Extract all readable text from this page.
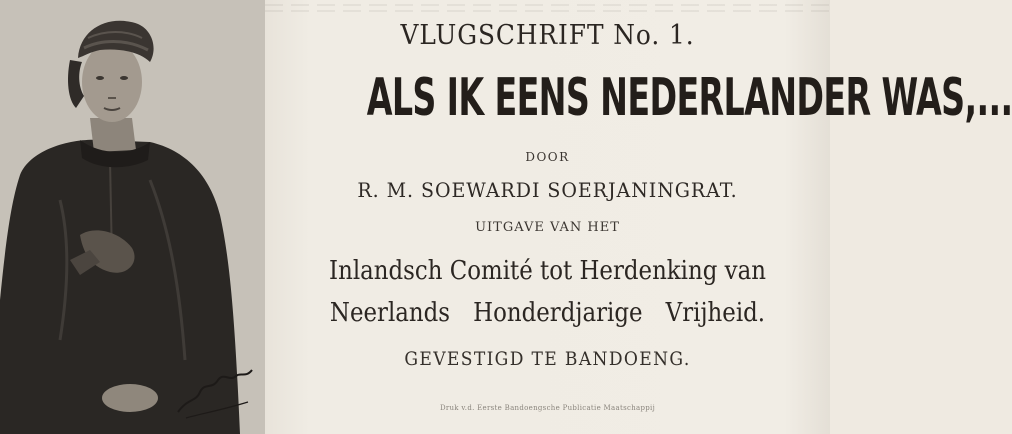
VLUGSCHRIFT No. 1.
ALS IK EENS NEDERLANDER WAS,...
DOOR
R. M. SOEWARDI SOERJANINGRAT.
UITGAVE VAN HET
Inlandsch Comité tot Herdenking van
Neerlands Honderdjarige Vrijheid.
GEVESTIGD TE BANDOENG.
Druk v.d. Eerste Bandoengsche Publicatie Maatschappij
